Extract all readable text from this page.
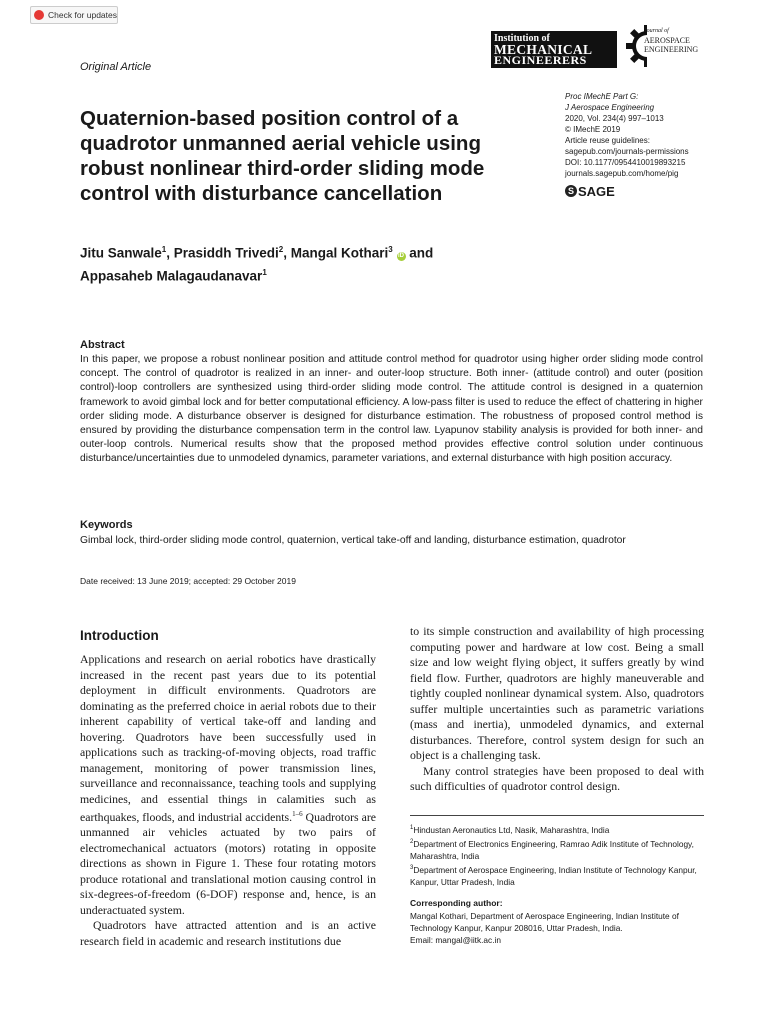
Check for updates
Original Article
Institution of
MECHANICAL
ENGINEERERS
Journal of
AEROSPACE
ENGINEERING
Quaternion-based position control of a quadrotor unmanned aerial vehicle using robust nonlinear third-order sliding mode control with disturbance cancellation
Proc IMechE Part G:
J Aerospace Engineering
2020, Vol. 234(4) 997–1013
© IMechE 2019
Article reuse guidelines:
sagepub.com/journals-permissions
DOI: 10.1177/0954410019893215
journals.sagepub.com/home/pig
S SAGE

Jitu Sanwale$^1$, Prasiddh Trivedi$^2$, Mangal Kothari$^3$ iD and
Appasaheb Malagaudanavar$^1$

Abstract

In this paper, we propose a robust nonlinear position and attitude control method for quadrotor using higher order sliding mode control concept. The control of quadrotor is realized in an inner- and outer-loop structure. Both inner- (attitude control) and outer (position control)-loop controllers are synthesized using third-order sliding mode control. The attitude control is designed in a quaternion framework to avoid gimbal lock and for better computational efficiency. A low-pass filter is used to reduce the effect of chattering in higher order sliding mode. A disturbance observer is designed for disturbance estimation. The robustness of proposed control method is ensured by providing the disturbance compensation term in the control law. Lyapunov stability analysis is provided for both inner- and outer-loop controls. Numerical results show that the proposed method provides effective control solution under continuous disturbance/uncertainties due to unmodeled dynamics, parameter variations, and external disturbance with high position accuracy.

Keywords

Gimbal lock, third-order sliding mode control, quaternion, vertical take-off and landing, disturbance estimation, quadrotor

Date received: 13 June 2019; accepted: 29 October 2019
Introduction

Applications and research on aerial robotics have drastically increased in the recent past years due to its potential deployment in difficult environments. Quadrotors are dominating as the preferred choice in aerial robots due to their inherent capability of vertical take-off and landing and hovering. Quadrotors have been successfully used in applications such as tracking-of-moving objects, road traffic management, monitoring of power transmission lines, surveillance and reconnaissance, teaching tools and supplying medicines, and essential things in calamities such as earthquakes, floods, and industrial accidents.$^{1-6}$ Quadrotors are unmanned air vehicles actuated by two pairs of electromechanical actuators (motors) rotating in opposite directions as shown in Figure 1. These four rotating motors produce rotational and translational motion causing control in six-degrees-of-freedom (6-DOF) response and, hence, is an underactuated system.

Quadrotors have attracted attention and is an active research field in academic and research institutions due

to its simple construction and availability of high processing computing power and hardware at low cost. Being a small size and low weight flying object, it suffers greatly by wind field flow. Further, quadrotors are highly maneuverable and tightly coupled nonlinear dynamical system. Also, quadrotors suffer multiple uncertainties such as parametric variations (mass and inertia), unmodeled dynamics, and external disturbances. Therefore, control system design for such an object is a challenging task.

Many control strategies have been proposed to deal with such difficulties of quadrotor control design.

$^1$Hindustan Aeronautics Ltd, Nasik, Maharashtra, India
$^2$Department of Electronics Engineering, Ramrao Adik Institute of Technology, Maharashtra, India
$^3$Department of Aerospace Engineering, Indian Institute of Technology Kanpur, Kanpur, Uttar Pradesh, India
Corresponding author:
Mangal Kothari, Department of Aerospace Engineering, Indian Institute of Technology Kanpur, Kanpur 208016, Uttar Pradesh, India.
Email: mangal@iitk.ac.in
